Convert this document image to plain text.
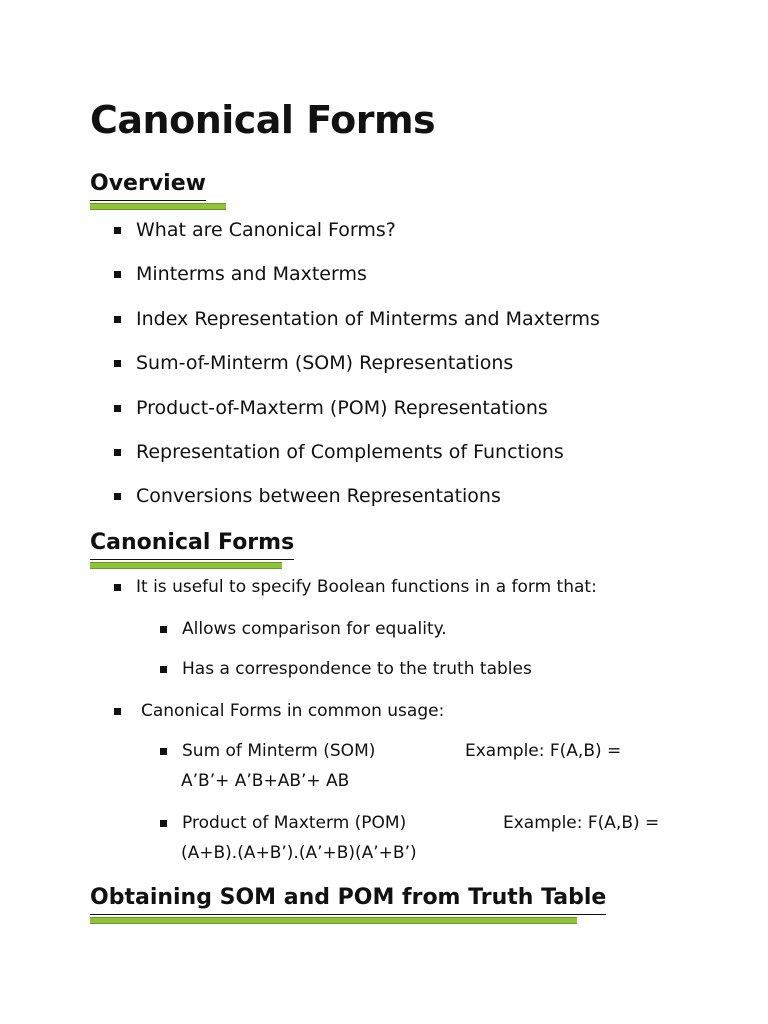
Canonical Forms
Overview
What are Canonical Forms?
Minterms and Maxterms
Index Representation of Minterms and Maxterms
Sum-of-Minterm (SOM) Representations
Product-of-Maxterm (POM) Representations
Representation of Complements of Functions
Conversions between Representations
Canonical Forms
It is useful to specify Boolean functions in a form that:
Allows comparison for equality.
Has a correspondence to the truth tables
Canonical Forms in common usage:
Sum of Minterm (SOM)	Example: F(A,B) =
A’B’+ A’B+AB’+ AB
Product of Maxterm (POM)	Example: F(A,B) =
(A+B).(A+B’).(A’+B)(A’+B’)
Obtaining SOM and POM from Truth Table
